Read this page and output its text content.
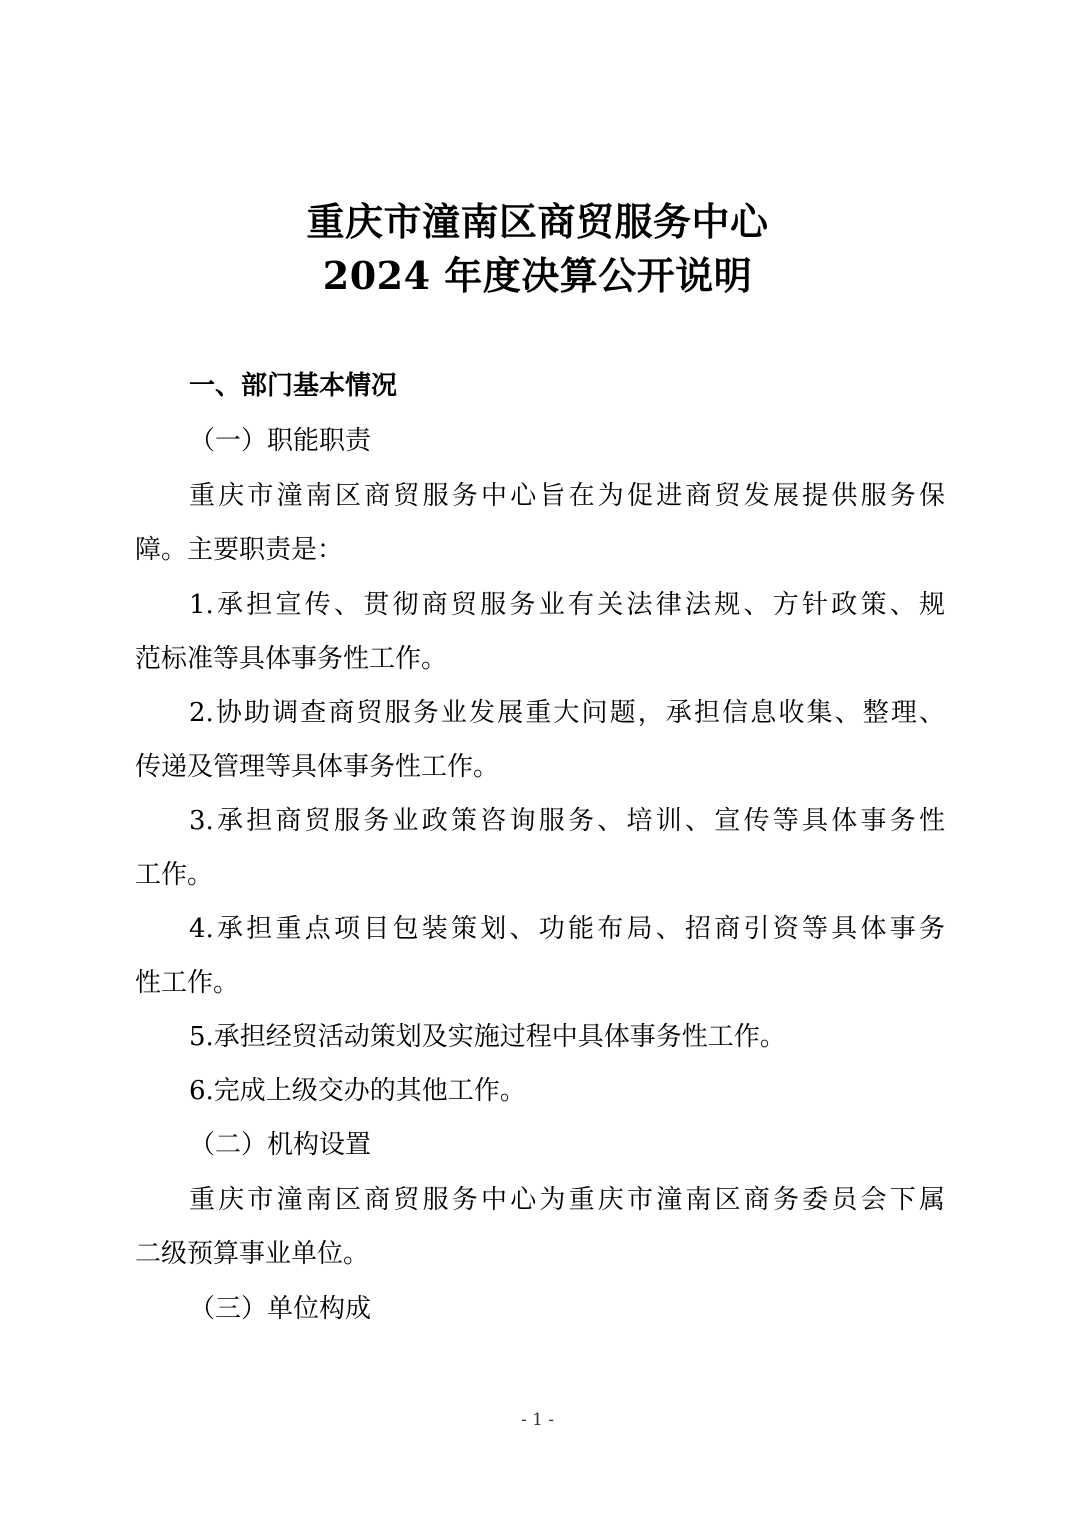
重庆市潼南区商贸服务中心
2024 年度决算公开说明
一、部门基本情况
（一）职能职责
重庆市潼南区商贸服务中心旨在为促进商贸发展提供服务保
障。主要职责是：
1.承担宣传、贯彻商贸服务业有关法律法规、方针政策、规
范标准等具体事务性工作。
2.协助调查商贸服务业发展重大问题，承担信息收集、整理、
传递及管理等具体事务性工作。
3.承担商贸服务业政策咨询服务、培训、宣传等具体事务性
工作。
4.承担重点项目包装策划、功能布局、招商引资等具体事务
性工作。
5.承担经贸活动策划及实施过程中具体事务性工作。
6.完成上级交办的其他工作。
（二）机构设置
重庆市潼南区商贸服务中心为重庆市潼南区商务委员会下属
二级预算事业单位。
（三）单位构成
- 1 -
